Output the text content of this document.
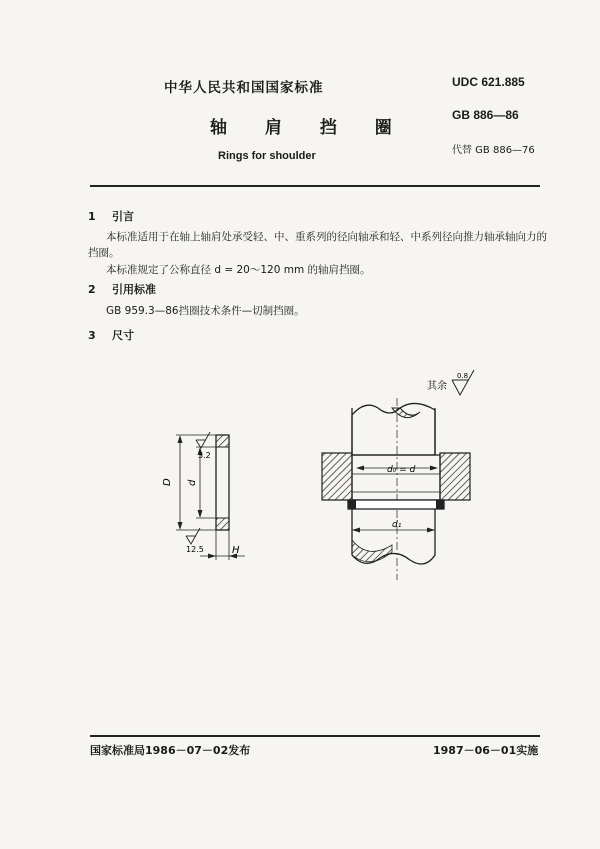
中华人民共和国国家标准
轴 肩 挡 圈
Rings for shoulder
UDC 621.885
GB 886—86
代替 GB 886—76
1 引言
本标准适用于在轴上轴肩处承受轻、中、重系列的径向轴承和轻、中系列径向推力轴承轴向力的
挡圈。
本标准规定了公称直径 d = 20～120 mm 的轴肩挡圈。
2 引用标准
GB 959.3—86挡圈技术条件—切制挡圈。
3 尺寸
3.2
12.5
D d
H
d₀ = d
d₁
其余
0.8
国家标准局1986－07－02发布	1987－06－01实施
